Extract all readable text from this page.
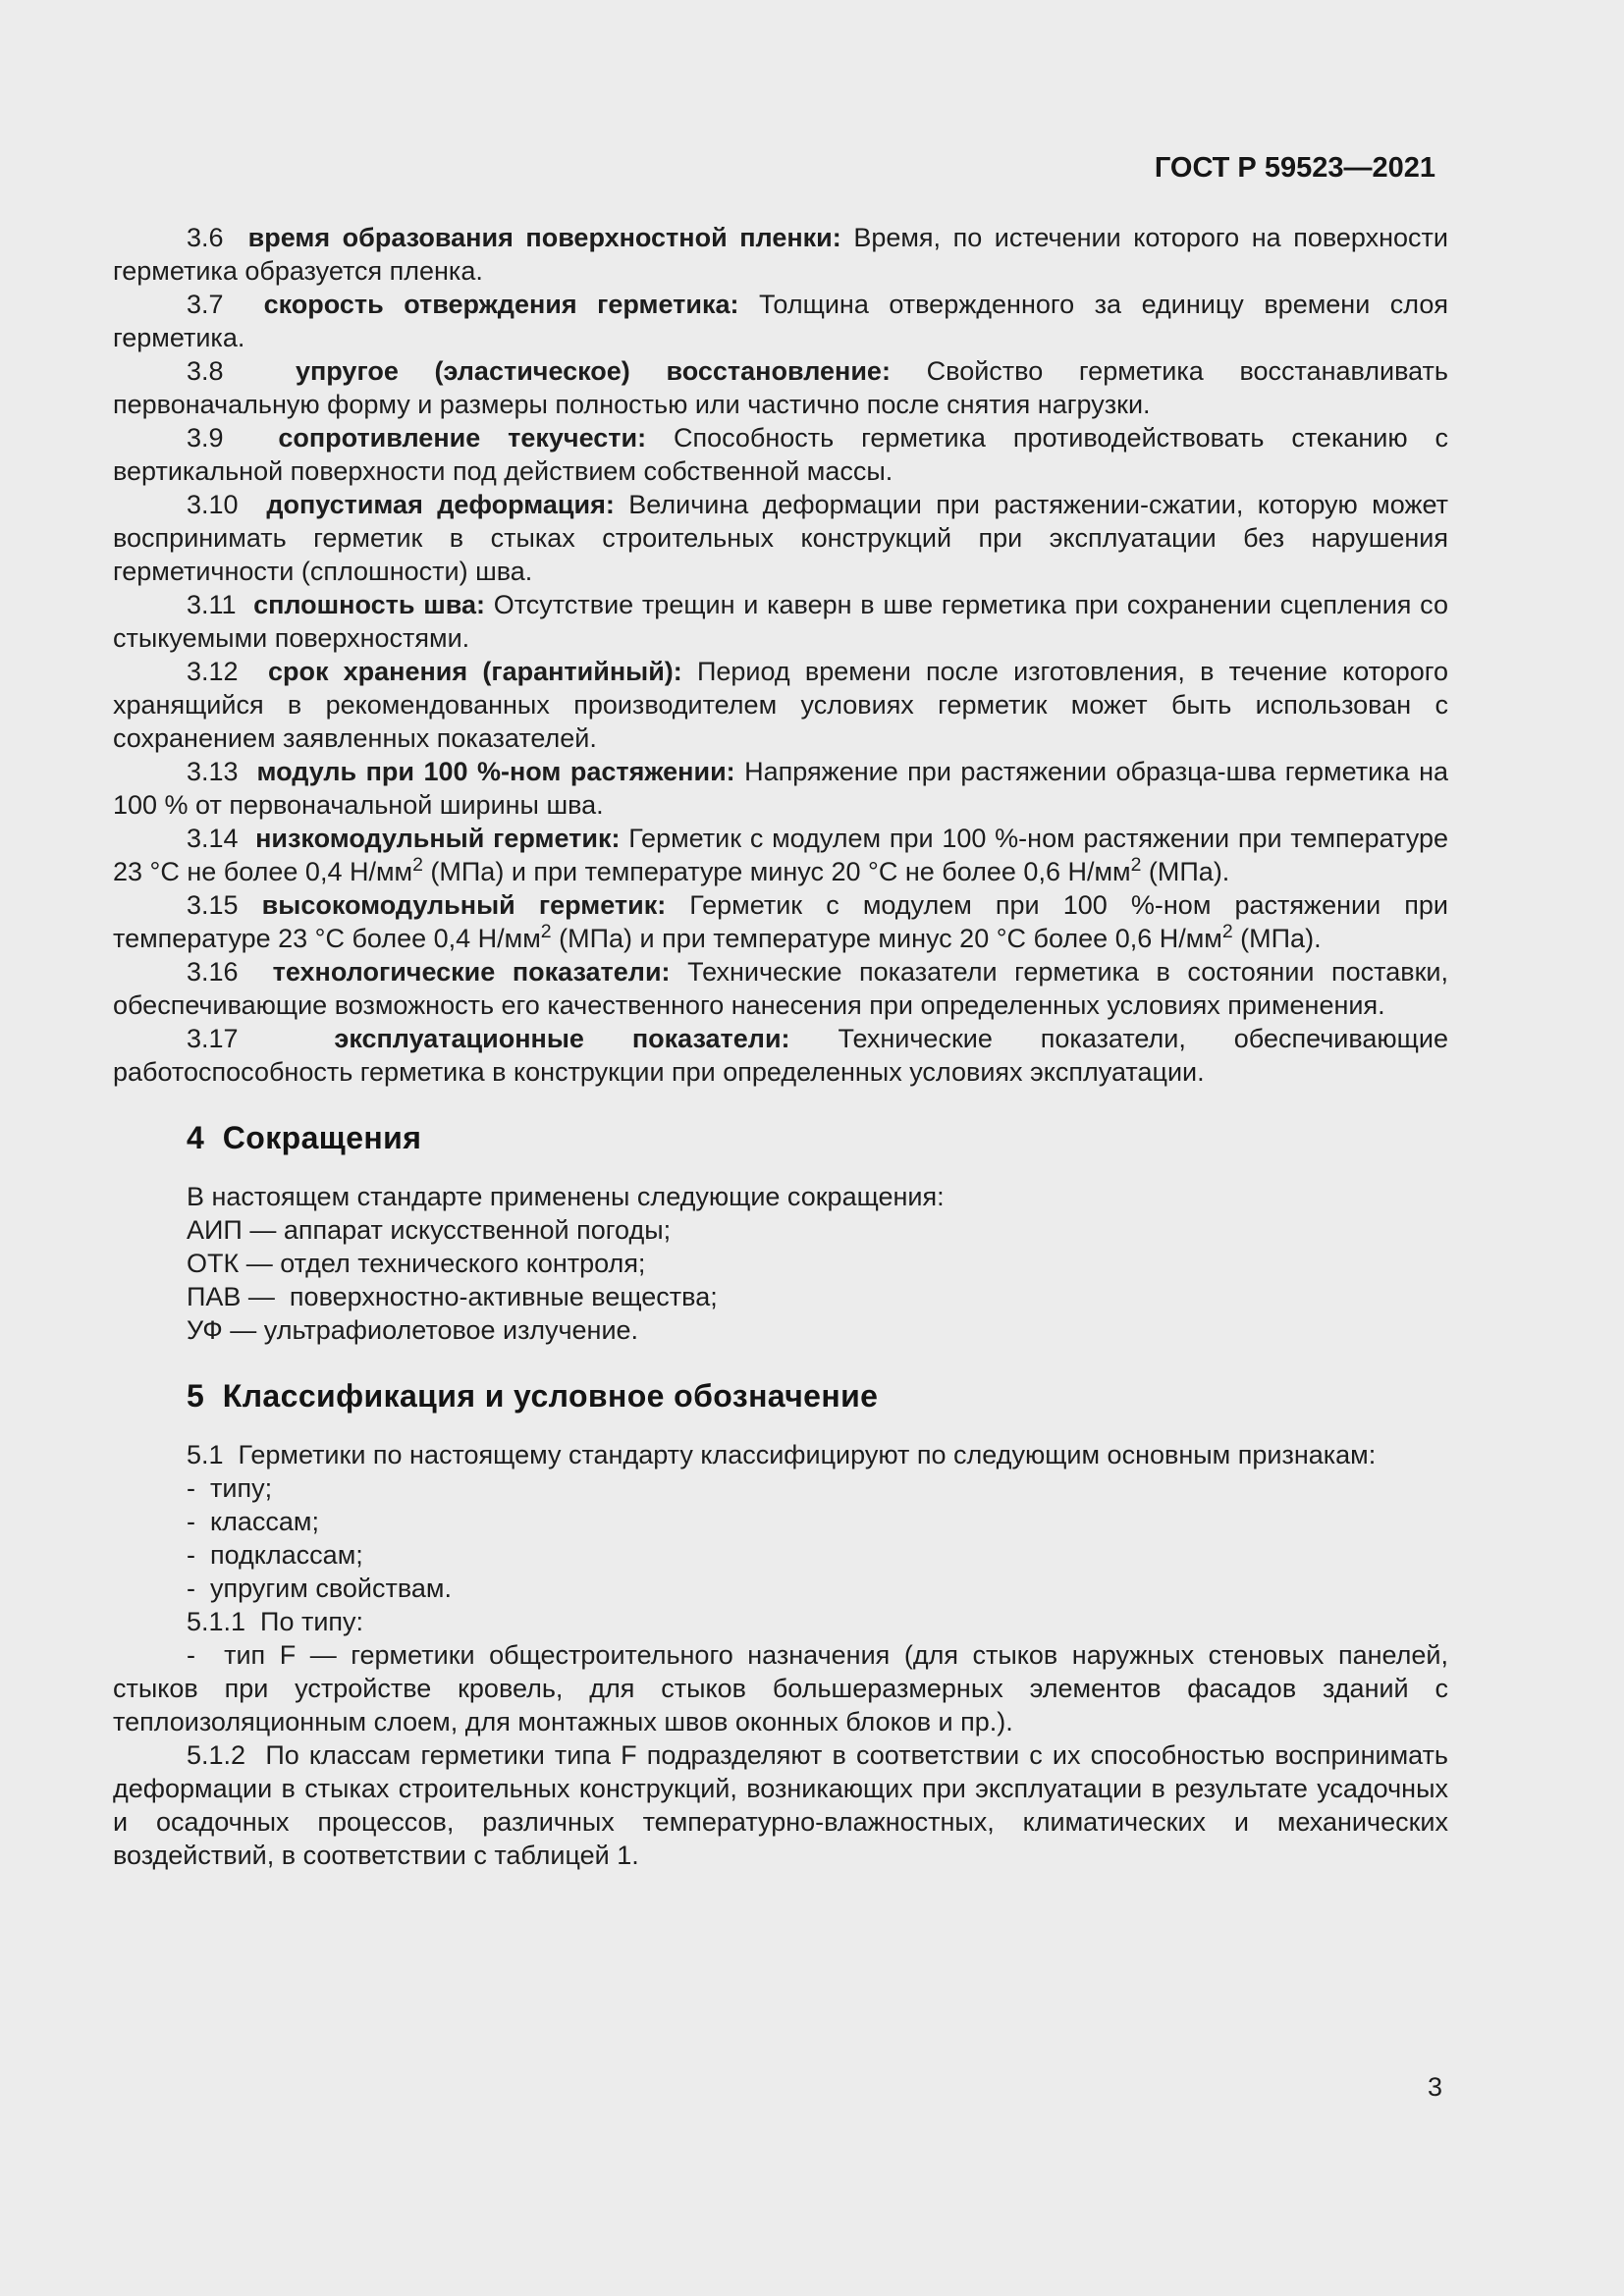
ГОСТ Р 59523—2021
3.6  время образования поверхностной пленки: Время, по истечении которого на поверхности герметика образуется пленка.
3.7  скорость отверждения герметика: Толщина отвержденного за единицу времени слоя герметика.
3.8  упругое (эластическое) восстановление: Свойство герметика восстанавливать первоначальную форму и размеры полностью или частично после снятия нагрузки.
3.9  сопротивление текучести: Способность герметика противодействовать стеканию с вертикальной поверхности под действием собственной массы.
3.10  допустимая деформация: Величина деформации при растяжении-сжатии, которую может воспринимать герметик в стыках строительных конструкций при эксплуатации без нарушения герметичности (сплошности) шва.
3.11  сплошность шва: Отсутствие трещин и каверн в шве герметика при сохранении сцепления со стыкуемыми поверхностями.
3.12  срок хранения (гарантийный): Период времени после изготовления, в течение которого хранящийся в рекомендованных производителем условиях герметик может быть использован с сохранением заявленных показателей.
3.13  модуль при 100 %-ном растяжении: Напряжение при растяжении образца-шва герметика на 100 % от первоначальной ширины шва.
3.14  низкомодульный герметик: Герметик с модулем при 100 %-ном растяжении при температуре 23 °С не более 0,4 $Н/мм^2$ (МПа) и при температуре минус 20 °С не более 0,6 $Н/мм^2$ (МПа).
3.15 высокомодульный герметик: Герметик с модулем при 100 %-ном растяжении при температуре 23 °С более 0,4 $Н/мм^2$ (МПа) и при температуре минус 20 °С более 0,6 $Н/мм^2$ (МПа).
3.16  технологические показатели: Технические показатели герметика в состоянии поставки, обеспечивающие возможность его качественного нанесения при определенных условиях применения.
3.17  эксплуатационные показатели: Технические показатели, обеспечивающие работоспособность герметика в конструкции при определенных условиях эксплуатации.
4  Сокращения
В настоящем стандарте применены следующие сокращения:
АИП — аппарат искусственной погоды;
ОТК — отдел технического контроля;
ПАВ —  поверхностно-активные вещества;
УФ — ультрафиолетовое излучение.
5  Классификация и условное обозначение
5.1  Герметики по настоящему стандарту классифицируют по следующим основным признакам:
-  типу;
-  классам;
-  подклассам;
-  упругим свойствам.
5.1.1  По типу:
-  тип F — герметики общестроительного назначения (для стыков наружных стеновых панелей, стыков при устройстве кровель, для стыков большеразмерных элементов фасадов зданий с теплоизоляционным слоем, для монтажных швов оконных блоков и пр.).
5.1.2  По классам герметики типа F подразделяют в соответствии с их способностью воспринимать деформации в стыках строительных конструкций, возникающих при эксплуатации в результате усадочных и осадочных процессов, различных температурно-влажностных, климатических и механических воздействий, в соответствии с таблицей 1.
3
